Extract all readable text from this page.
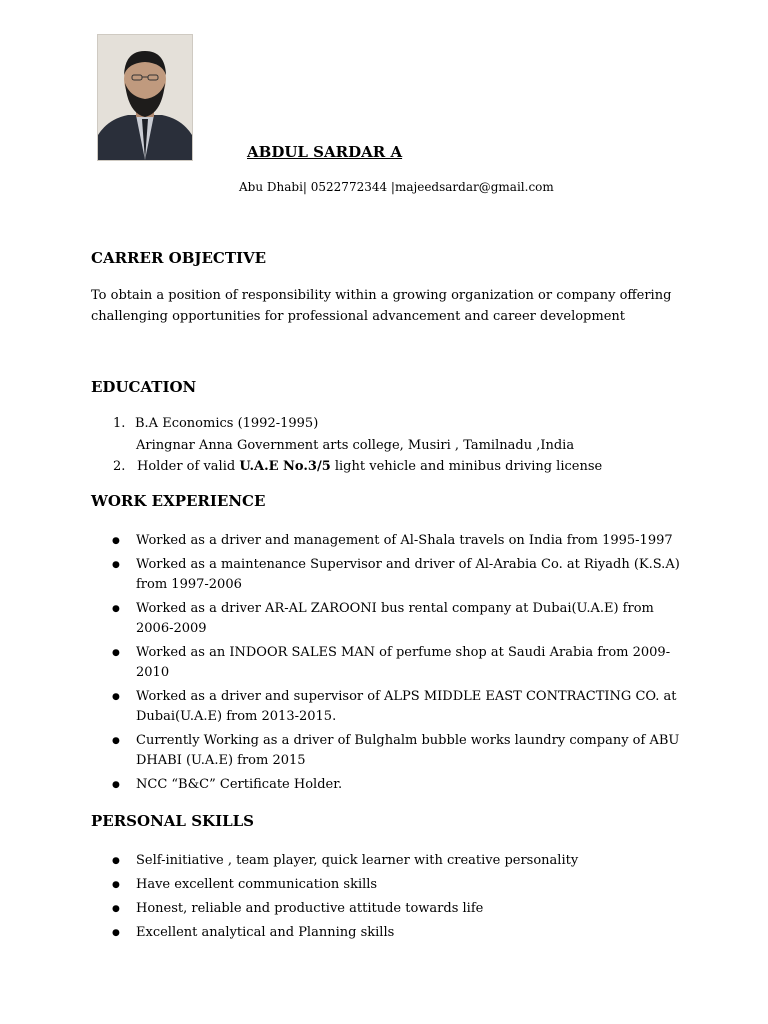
ABDUL SARDAR A
Abu Dhabi| 0522772344 |majeedsardar@gmail.com
CARRER OBJECTIVE
To obtain a position of responsibility within a growing organization or company offering challenging opportunities for professional advancement and career development
EDUCATION
1. B.A Economics (1992-1995)
Aringnar Anna Government arts college, Musiri , Tamilnadu ,India
2. Holder of valid U.A.E No.3/5 light vehicle and minibus driving license
WORK EXPERIENCE
● Worked as a driver and management of Al-Shala travels on India from 1995-1997
● Worked as a maintenance Supervisor and driver of Al-Arabia Co. at Riyadh (K.S.A) from 1997-2006
● Worked as a driver AR-AL ZAROONI bus rental company at Dubai(U.A.E) from 2006-2009
● Worked as an INDOOR SALES MAN of perfume shop at Saudi Arabia from 2009-2010
● Worked as a driver and supervisor of ALPS MIDDLE EAST CONTRACTING CO. at Dubai(U.A.E) from 2013-2015.
● Currently Working as a driver of Bulghalm bubble works laundry company of ABU DHABI (U.A.E) from 2015
● NCC “B&C” Certificate Holder.
PERSONAL SKILLS
● Self-initiative , team player, quick learner with creative personality
● Have excellent communication skills
● Honest, reliable and productive attitude towards life
● Excellent analytical and Planning skills
